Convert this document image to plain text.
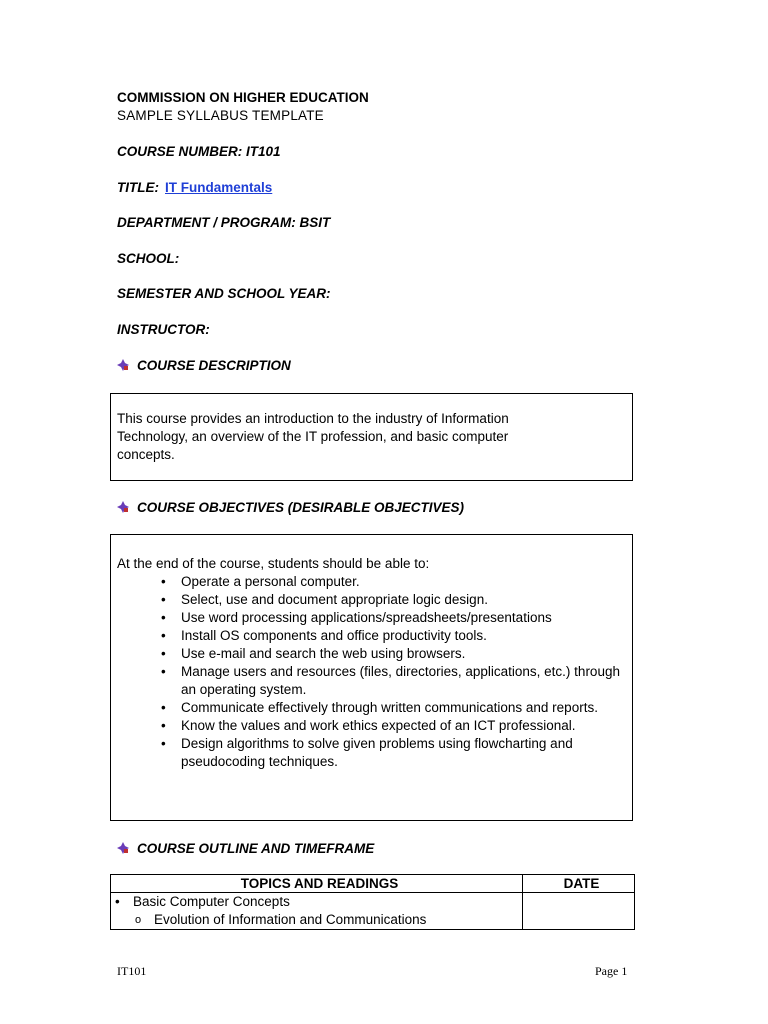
COMMISSION ON HIGHER EDUCATION
SAMPLE SYLLABUS TEMPLATE
COURSE NUMBER: IT101
TITLE: IT Fundamentals
DEPARTMENT / PROGRAM: BSIT
SCHOOL:
SEMESTER AND SCHOOL YEAR:
INSTRUCTOR:
COURSE DESCRIPTION

This course provides an introduction to the industry of Information

Technology, an overview of the IT profession, and basic computer

concepts.

COURSE OBJECTIVES (DESIRABLE OBJECTIVES)

At the end of the course, students should be able to:

• Operate a personal computer.
• Select, use and document appropriate logic design.
• Use word processing applications/spreadsheets/presentations
• Install OS components and office productivity tools.
• Use e-mail and search the web using browsers.
• Manage users and resources (files, directories, applications, etc.) through an operating system.
• Communicate effectively through written communications and reports.
• Know the values and work ethics expected of an ICT professional.
• Design algorithms to solve given problems using flowcharting and pseudocoding techniques.
COURSE OUTLINE AND TIMEFRAME
TOPICS AND READINGS	DATE

• Basic Computer Concepts
o Evolution of Information and Communications

IT101	Page 1
